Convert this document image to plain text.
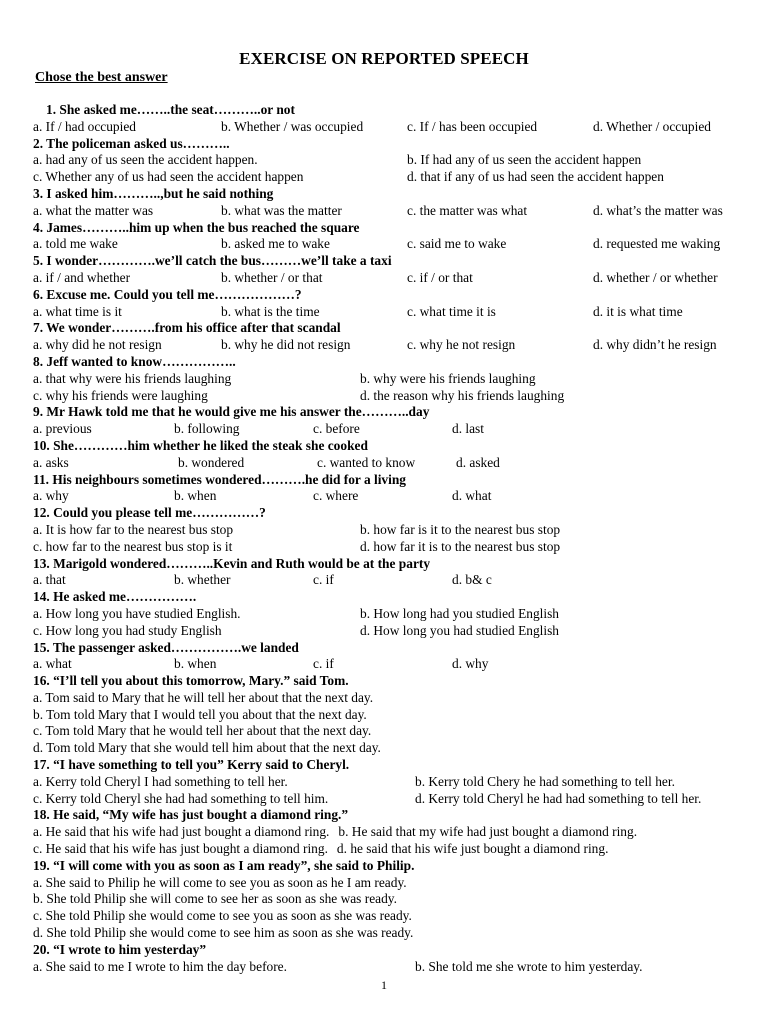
EXERCISE ON REPORTED SPEECH
Chose the best answer
1. She asked me……..the seat………..or not
a. If / had occupied	b. Whether / was occupied	c. If / has been occupied	d. Whether / occupied
2. The policeman asked us………..
a. had any of us seen the accident happen.	b. If had any of us seen the accident happen
c. Whether any of us had seen the accident happen	d. that if any of us had seen the accident happen
3. I asked him………..,but he said nothing
a. what the matter was	b. what was the matter	c. the matter was what	d. what’s the matter was
4. James………..him up when the bus reached the square
a. told me wake	b. asked me to wake	c. said me to wake	d. requested me waking
5. I wonder………….we’ll catch the bus………we’ll take a taxi
a. if / and whether	b. whether / or that	c. if / or that	d. whether / or whether
6. Excuse me. Could you tell me………………?
a. what time is it	b. what is the time	c. what time it is	d. it is what time
7. We wonder……….from his office after that scandal
a. why did he not resign	b. why he did not resign	c. why he not resign	d. why didn’t he resign
8. Jeff wanted to know……………..
a. that why were his friends laughing	b. why were his friends laughing
c. why his friends were laughing	d. the reason why his friends laughing
9. Mr Hawk told me that he would give me his answer the………..day
a. previous	b. following	c. before	d. last
10. She…………him whether he liked the steak she cooked
a. asks	b. wondered	c. wanted to know	d. asked
11. His neighbours sometimes wondered……….he did for a living
a. why	b. when	c. where	d. what
12. Could you please tell me……………?
a. It is how far to the nearest bus stop	b. how far is it to the nearest bus stop
c. how far to the nearest bus stop is it	d. how far it is to the nearest bus stop
13. Marigold wondered………..Kevin and Ruth would be at the party
a. that	b. whether	c. if	d. b& c
14. He asked me…………….
a. How long you have studied English.	b. How long had you studied English
c. How long you had study English	d. How long you had studied English
15. The passenger asked…………….we landed
a. what	b. when	c. if	d. why
16. “I’ll tell you about this tomorrow, Mary.” said Tom.
a. Tom said to Mary that he will tell her about that the next day.
b. Tom told Mary that I would tell you about that the next day.
c. Tom told Mary that he would tell her about that the next day.
d. Tom told Mary that she would tell him about that the next day.
17. “I have something to tell you” Kerry said to Cheryl.
a. Kerry told Cheryl I had something to tell her.	b. Kerry told Chery he had something to tell her.
c. Kerry told Cheryl she had had something to tell him.	d. Kerry told Cheryl he had had something to tell her.
18. He said, “My wife has just bought a diamond ring.”
a. He said that his wife had just bought a diamond ring. b. He said that my wife had just bought a diamond ring.
c. He said that his wife has just bought a diamond ring. d. he said that his wife just bought a diamond ring.
19. “I will come with you as soon as I am ready”, she said to Philip.
a. She said to Philip he will come to see you as soon as he I am ready.
b. She told Philip she will come to see her as soon as she was ready.
c. She told Philip she would come to see you as soon as she was ready.
d. She told Philip she would come to see him as soon as she was ready.
20. “I wrote to him yesterday”
a. She said to me I wrote to him the day before.	b. She told me she wrote to him yesterday.
1
